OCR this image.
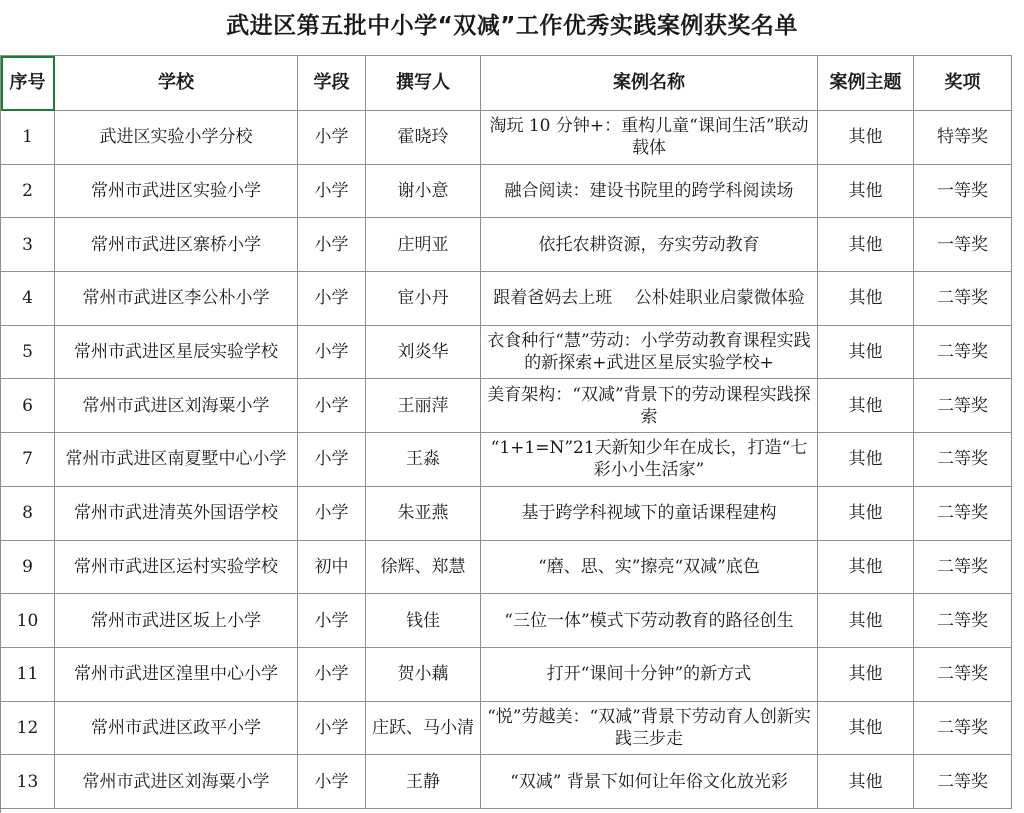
武进区第五批中小学“双减”工作优秀实践案例获奖名单
序号	学校	学段	撰写人	案例名称	案例主题	奖项
1	武进区实验小学分校	小学	霍晓玲	淘玩 10 分钟+：重构儿童“课间生活”联动载体	其他	特等奖
2	常州市武进区实验小学	小学	谢小意	融合阅读：建设书院里的跨学科阅读场	其他	一等奖
3	常州市武进区寨桥小学	小学	庄明亚	依托农耕资源，夯实劳动教育	其他	一等奖
4	常州市武进区李公朴小学	小学	宦小丹	跟着爸妈去上班　 公朴娃职业启蒙微体验	其他	二等奖
5	常州市武进区星辰实验学校	小学	刘炎华	衣食种行“慧”劳动：小学劳动教育课程实践的新探索+武进区星辰实验学校+	其他	二等奖
6	常州市武进区刘海粟小学	小学	王丽萍	美育架构：“双减”背景下的劳动课程实践探索	其他	二等奖
7	常州市武进区南夏墅中心小学	小学	王淼	“1+1=N”21天新知少年在成长，打造“七彩小小生活家”	其他	二等奖
8	常州市武进清英外国语学校	小学	朱亚燕	基于跨学科视域下的童话课程建构	其他	二等奖
9	常州市武进区运村实验学校	初中	徐辉、郑慧	“磨、思、实”擦亮“双减”底色	其他	二等奖
10	常州市武进区坂上小学	小学	钱佳	“三位一体”模式下劳动教育的路径创生	其他	二等奖
11	常州市武进区湟里中心小学	小学	贺小藕	打开“课间十分钟”的新方式	其他	二等奖
12	常州市武进区政平小学	小学	庄跃、马小清	“悦”劳越美：“双减”背景下劳动育人创新实践三步走	其他	二等奖
13	常州市武进区刘海粟小学	小学	王静	“双减” 背景下如何让年俗文化放光彩	其他	二等奖
